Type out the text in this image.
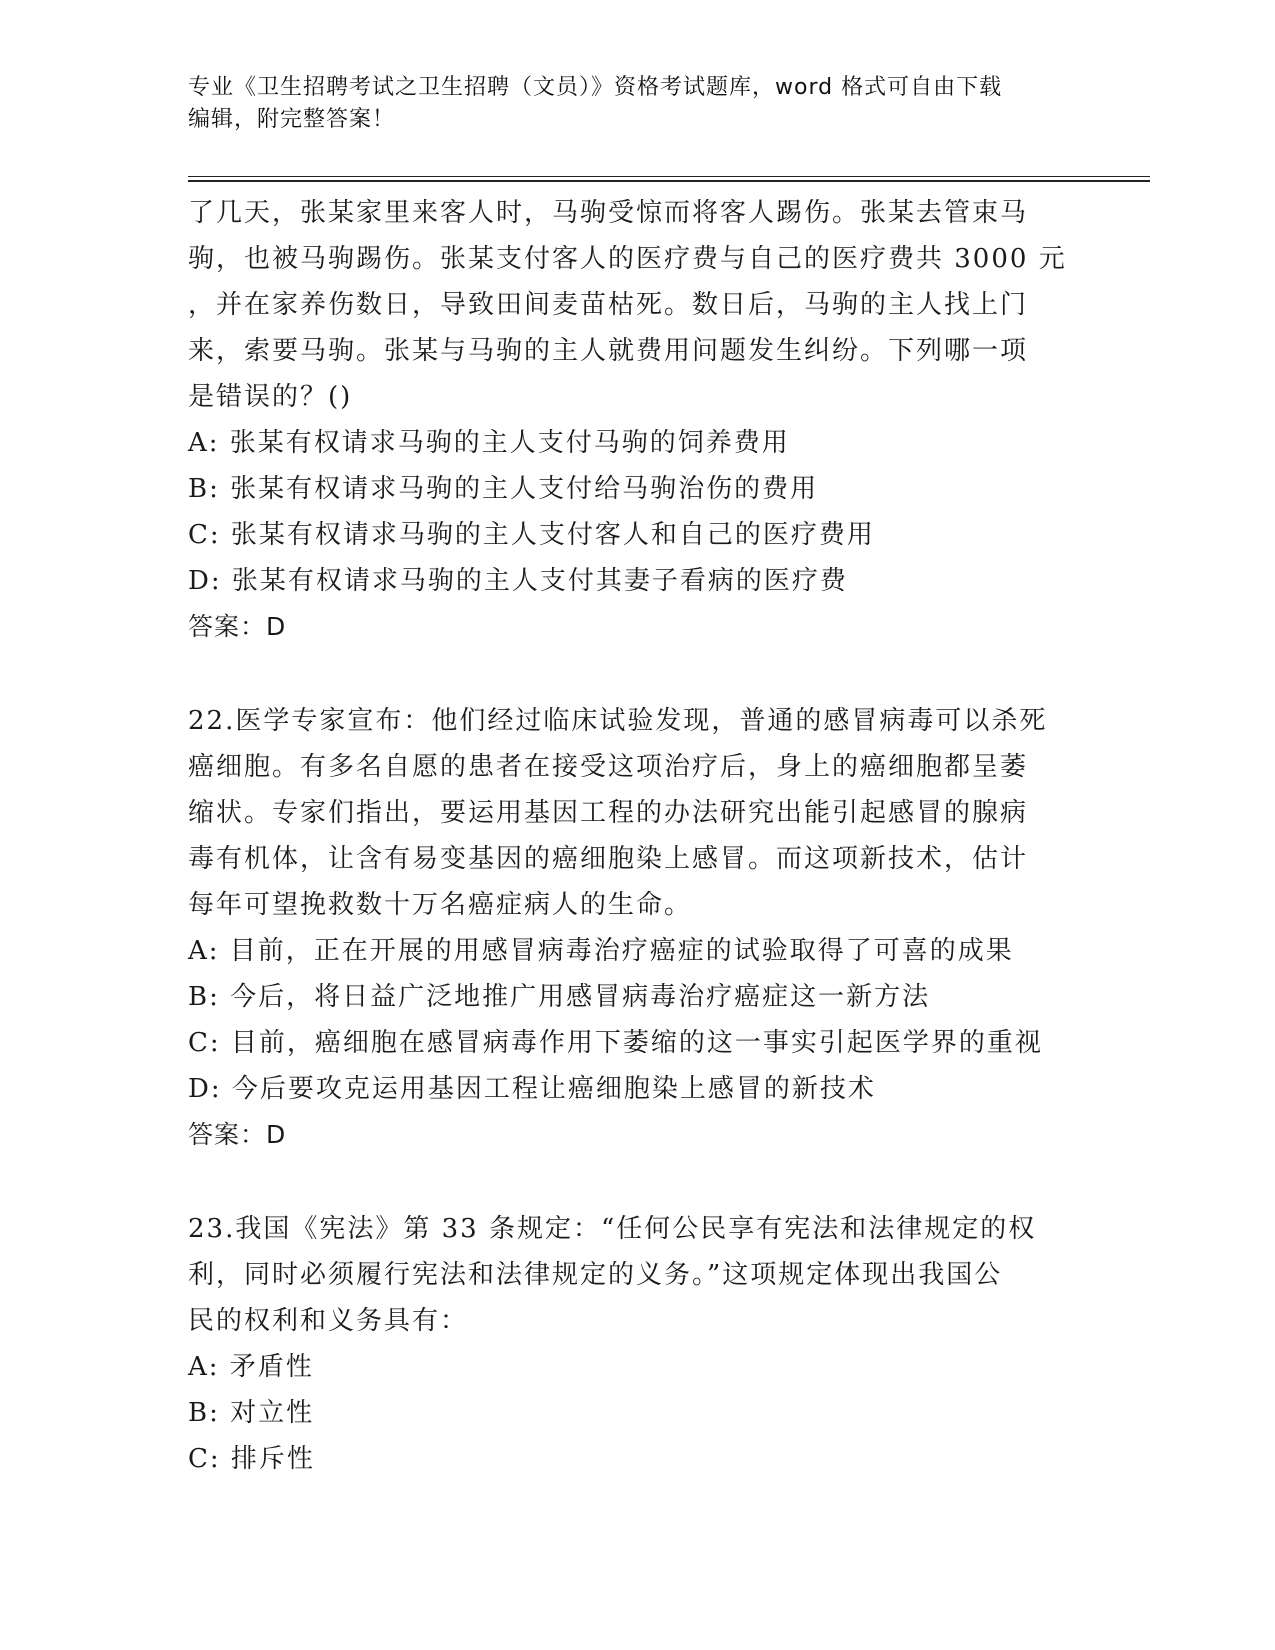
专业《卫生招聘考试之卫生招聘（文员）》资格考试题库，word 格式可自由下载
编辑，附完整答案！
了几天，张某家里来客人时，马驹受惊而将客人踢伤。张某去管束马
驹，也被马驹踢伤。张某支付客人的医疗费与自己的医疗费共 3000 元
，并在家养伤数日，导致田间麦苗枯死。数日后，马驹的主人找上门
来，索要马驹。张某与马驹的主人就费用问题发生纠纷。下列哪一项
是错误的？()
A: 张某有权请求马驹的主人支付马驹的饲养费用
B: 张某有权请求马驹的主人支付给马驹治伤的费用
C: 张某有权请求马驹的主人支付客人和自己的医疗费用
D: 张某有权请求马驹的主人支付其妻子看病的医疗费
答案：D
22.医学专家宣布：他们经过临床试验发现，普通的感冒病毒可以杀死
癌细胞。有多名自愿的患者在接受这项治疗后，身上的癌细胞都呈萎
缩状。专家们指出，要运用基因工程的办法研究出能引起感冒的腺病
毒有机体，让含有易变基因的癌细胞染上感冒。而这项新技术，估计
每年可望挽救数十万名癌症病人的生命。
A: 目前，正在开展的用感冒病毒治疗癌症的试验取得了可喜的成果
B: 今后，将日益广泛地推广用感冒病毒治疗癌症这一新方法
C: 目前，癌细胞在感冒病毒作用下萎缩的这一事实引起医学界的重视
D: 今后要攻克运用基因工程让癌细胞染上感冒的新技术
答案：D
23.我国《宪法》第 33 条规定：“任何公民享有宪法和法律规定的权
利，同时必须履行宪法和法律规定的义务。”这项规定体现出我国公
民的权利和义务具有：
A: 矛盾性
B: 对立性
C: 排斥性
